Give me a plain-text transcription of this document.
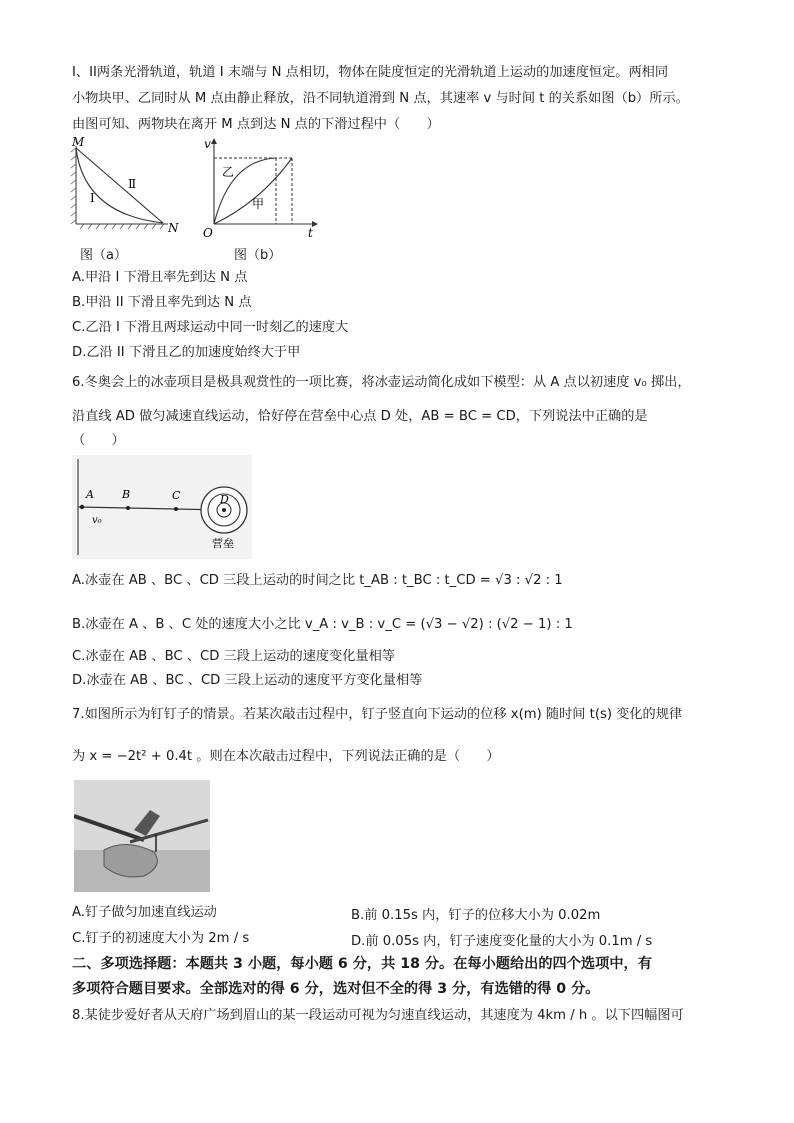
I、II两条光滑轨道，轨道 I 末端与 N 点相切，物体在陡度恒定的光滑轨道上运动的加速度恒定。两相同
小物块甲、乙同时从 M 点由静止释放，沿不同轨道滑到 N 点，其速率 v 与时间 t 的关系如图（b）所示。
由图可知、两物块在离开 M 点到达 N 点的下滑过程中（　　）
M
N
I
Ⅱ
图（a）
v
t
O
乙
甲
图（b）
A.甲沿 I 下滑且率先到达 N 点
B.甲沿 II 下滑且率先到达 N 点
C.乙沿 I 下滑且两球运动中同一时刻乙的速度大
D.乙沿 II 下滑且乙的加速度始终大于甲
6.冬奥会上的冰壶项目是极具观赏性的一项比赛，将冰壶运动简化成如下模型：从 A 点以初速度 v₀ 掷出，
沿直线 AD 做匀减速直线运动，恰好停在营垒中心点 D 处，AB = BC = CD，下列说法中正确的是
（　　）
A	B	C	D
v₀
营垒
A.冰壶在 AB 、BC 、CD 三段上运动的时间之比 t_AB : t_BC : t_CD = √3 : √2 : 1
B.冰壶在 A 、B 、C 处的速度大小之比 v_A : v_B : v_C = (√3 − √2) : (√2 − 1) : 1
C.冰壶在 AB 、BC 、CD 三段上运动的速度变化量相等
D.冰壶在 AB 、BC 、CD 三段上运动的速度平方变化量相等
7.如图所示为钉钉子的情景。若某次敲击过程中，钉子竖直向下运动的位移 x(m) 随时间 t(s) 变化的规律
为 x = −2t² + 0.4t 。则在本次敲击过程中，下列说法正确的是（　　）
A.钉子做匀加速直线运动	B.前 0.15s 内，钉子的位移大小为 0.02m
C.钉子的初速度大小为 2m / s	D.前 0.05s 内，钉子速度变化量的大小为 0.1m / s
二、多项选择题：本题共 3 小题，每小题 6 分，共 18 分。在每小题给出的四个选项中，有
多项符合题目要求。全部选对的得 6 分，选对但不全的得 3 分，有选错的得 0 分。
8.某徒步爱好者从天府广场到眉山的某一段运动可视为匀速直线运动，其速度为 4km / h 。以下四幅图可
